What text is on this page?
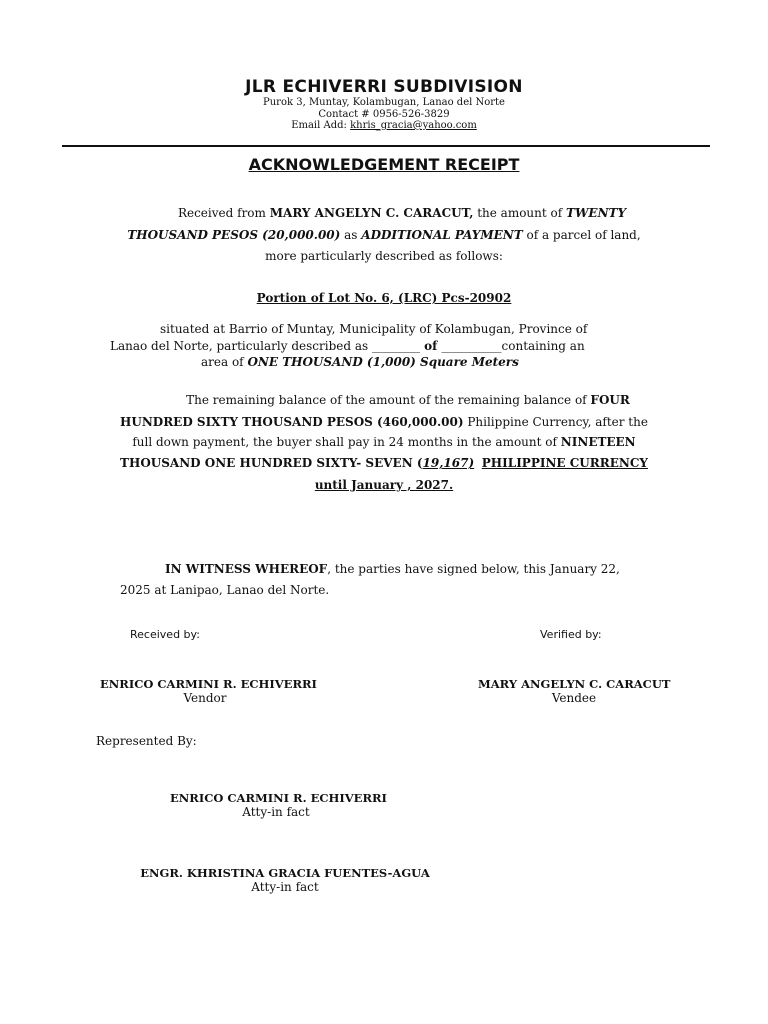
JLR ECHIVERRI SUBDIVISION
Purok 3, Muntay, Kolambugan, Lanao del Norte
Contact # 0956-526-3829
Email Add: khris_gracia@yahoo.com
ACKNOWLEDGEMENT RECEIPT
Received from MARY ANGELYN C. CARACUT, the amount of TWENTY
THOUSAND PESOS (20,000.00) as ADDITIONAL PAYMENT of a parcel of land,
more particularly described as follows:
Portion of Lot No. 6, (LRC) Pcs-20902
situated at Barrio of Muntay, Municipality of Kolambugan, Province of
Lanao del Norte, particularly described as ________ of __________containing an
area of ONE THOUSAND (1,000) Square Meters
The remaining balance of the amount of the remaining balance of FOUR
HUNDRED SIXTY THOUSAND PESOS (460,000.00) Philippine Currency, after the
full down payment, the buyer shall pay in 24 months in the amount of NINETEEN
THOUSAND ONE HUNDRED SIXTY- SEVEN (19,167) PHILIPPINE CURRENCY
until January , 2027.
IN WITNESS WHEREOF, the parties have signed below, this January 22,
2025 at Lanipao, Lanao del Norte.
Received by:	Verified by:
ENRICO CARMINI R. ECHIVERRI
Vendor
MARY ANGELYN C. CARACUT
Vendee
Represented By:
ENRICO CARMINI R. ECHIVERRI
Atty-in fact
ENGR. KHRISTINA GRACIA FUENTES-AGUA
Atty-in fact
